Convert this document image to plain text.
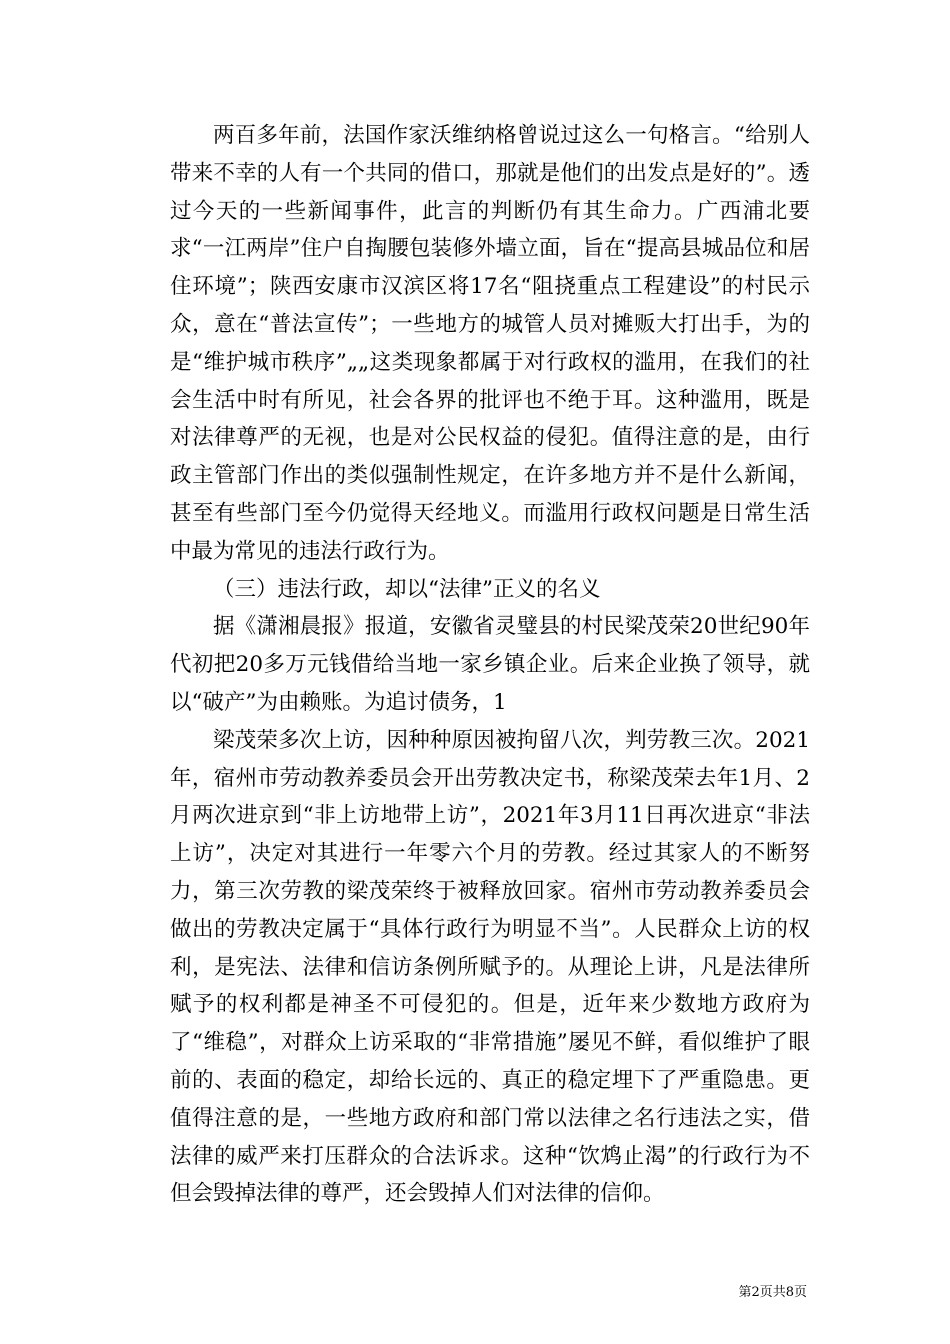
两百多年前，法国作家沃维纳格曾说过这么一句格言。“给别人带来不幸的人有一个共同的借口，那就是他们的出发点是好的”。透过今天的一些新闻事件，此言的判断仍有其生命力。广西浦北要求“一江两岸”住户自掏腰包装修外墙立面，旨在“提高县城品位和居住环境”；陕西安康市汉滨区将17名“阻挠重点工程建设”的村民示众，意在“普法宣传”；一些地方的城管人员对摊贩大打出手，为的是“维护城市秩序”„„这类现象都属于对行政权的滥用，在我们的社会生活中时有所见，社会各界的批评也不绝于耳。这种滥用，既是对法律尊严的无视，也是对公民权益的侵犯。值得注意的是，由行政主管部门作出的类似强制性规定，在许多地方并不是什么新闻，甚至有些部门至今仍觉得天经地义。而滥用行政权问题是日常生活中最为常见的违法行政行为。

（三）违法行政，却以“法律”正义的名义

据《潇湘晨报》报道，安徽省灵璧县的村民梁茂荣20世纪90年代初把20多万元钱借给当地一家乡镇企业。后来企业换了领导，就以“破产”为由赖账。为追讨债务，1

梁茂荣多次上访，因种种原因被拘留八次，判劳教三次。2021年，宿州市劳动教养委员会开出劳教决定书，称梁茂荣去年1月、2月两次进京到“非上访地带上访”，2021年3月11日再次进京“非法上访”，决定对其进行一年零六个月的劳教。经过其家人的不断努力，第三次劳教的梁茂荣终于被释放回家。宿州市劳动教养委员会做出的劳教决定属于“具体行政行为明显不当”。人民群众上访的权利，是宪法、法律和信访条例所赋予的。从理论上讲，凡是法律所赋予的权利都是神圣不可侵犯的。但是，近年来少数地方政府为了“维稳”，对群众上访采取的“非常措施”屡见不鲜，看似维护了眼前的、表面的稳定，却给长远的、真正的稳定埋下了严重隐患。更值得注意的是，一些地方政府和部门常以法律之名行违法之实，借法律的威严来打压群众的合法诉求。这种“饮鸩止渴”的行政行为不但会毁掉法律的尊严，还会毁掉人们对法律的信仰。

第2页共8页
